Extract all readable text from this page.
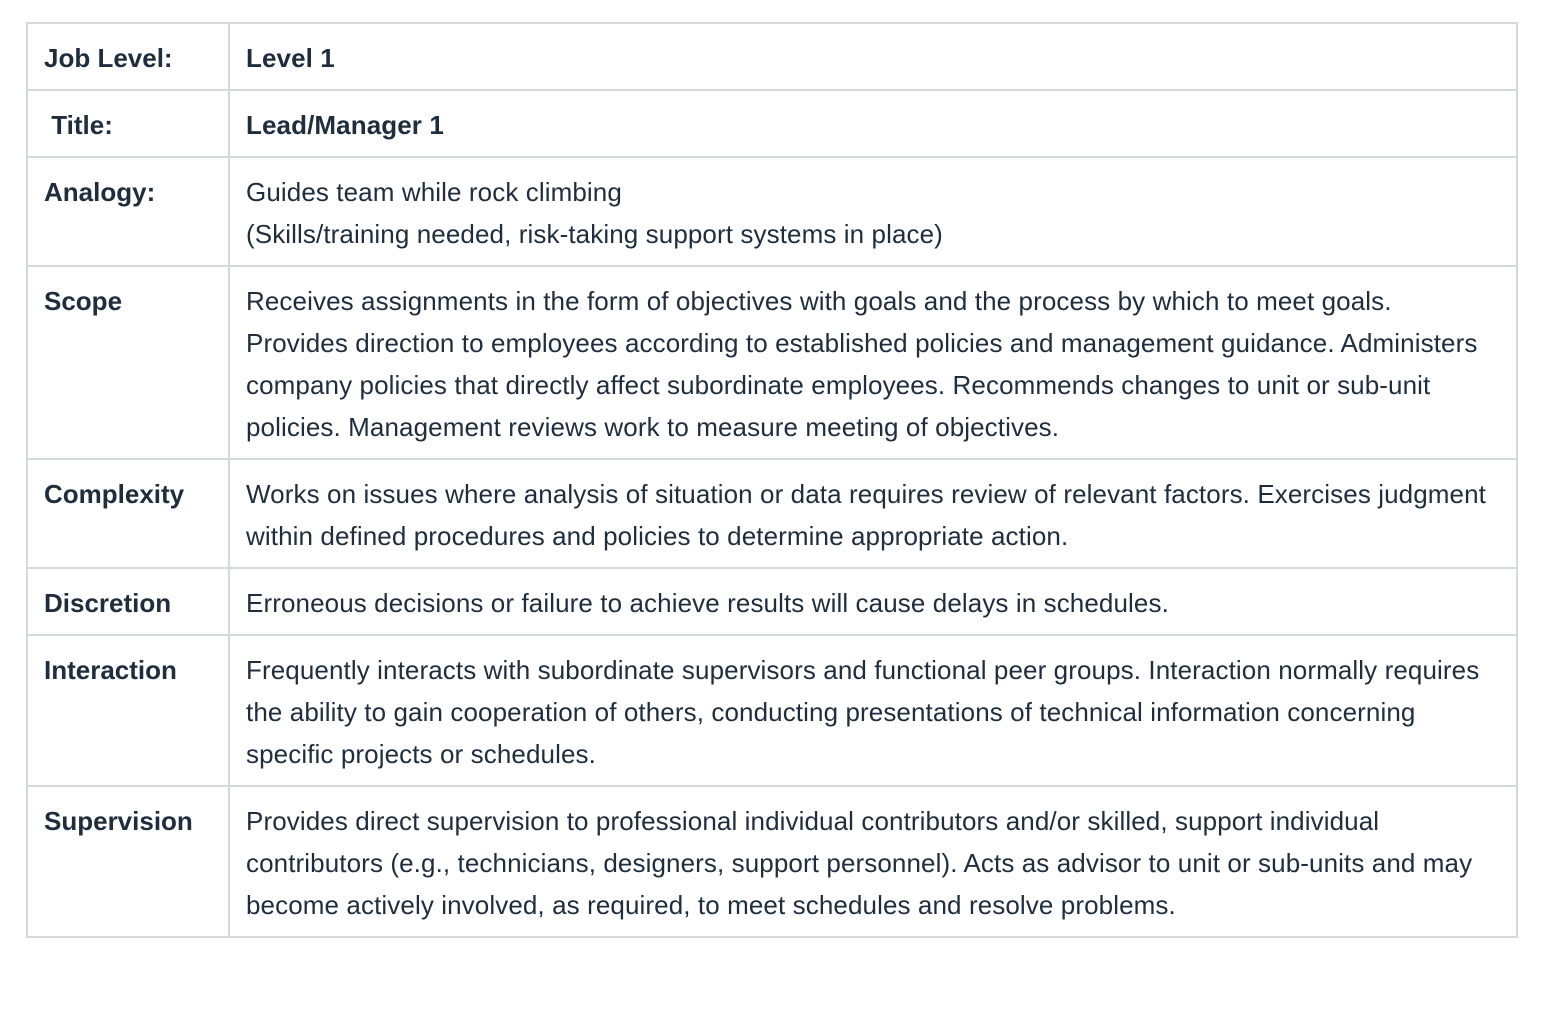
Job Level:	Level 1
Title:	Lead/Manager 1
Analogy:	Guides team while rock climbing
(Skills/training needed, risk-taking support systems in place)
Scope	Receives assignments in the form of objectives with goals and the process by which to meet goals. Provides direction to employees according to established policies and management guidance. Administers company policies that directly affect subordinate employees. Recommends changes to unit or sub-unit policies. Management reviews work to measure meeting of objectives.
Complexity	Works on issues where analysis of situation or data requires review of relevant factors. Exercises judgment within defined procedures and policies to determine appropriate action.
Discretion	Erroneous decisions or failure to achieve results will cause delays in schedules.
Interaction	Frequently interacts with subordinate supervisors and functional peer groups. Interaction normally requires the ability to gain cooperation of others, conducting presentations of technical information concerning specific projects or schedules.
Supervision	Provides direct supervision to professional individual contributors and/or skilled, support individual contributors (e.g., technicians, designers, support personnel). Acts as advisor to unit or sub-units and may become actively involved, as required, to meet schedules and resolve problems.
